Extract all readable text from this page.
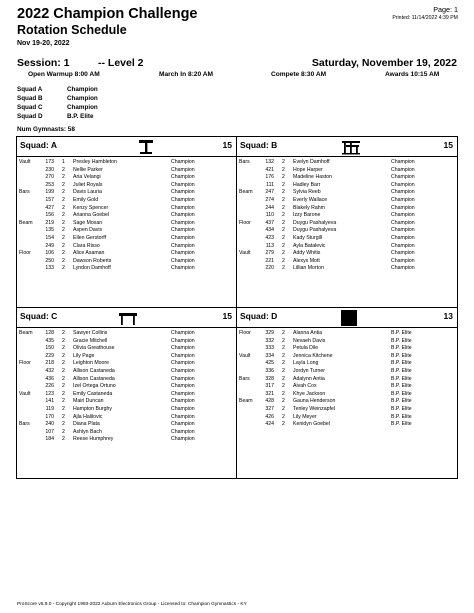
2022 Champion Challenge
Rotation Schedule
Nov 19-20, 2022
Page: 1
Printed: 11/14/2022 4:39 PM
Session: 1	-- Level 2	Saturday, November 19, 2022
Open Warmup 8:00 AM	March In 8:20 AM	Compete 8:30 AM	Awards 10:15 AM
Squad A	Champion
Squad B	Champion
Squad C	Champion
Squad D	B.P. Elite
Num Gymnasts: 58
Squad: A	15
Vault	173 1 Presley Hambleton	Champion
230 2 Nellie Parker	Champion
270 2 Aria Velangi	Champion
253 2 Juliet Royals	Champion
Bars	199 2 Davis Lauria	Champion
157 2 Emily Gold	Champion
427 2 Kenzy Spencer	Champion
156 2 Arianna Goebel	Champion
Beam	219 2 Sage Moxan	Champion
135 2 Aspen Davis	Champion
154 2 Ellen Gerstorff	Champion
249 2 Clara Risso	Champion
Floor	106 2 Alice Asaman	Champion
250 2 Dawson Roberts	Champion
133 2 Lyndon Damhoff	Champion
Squad: B	15
Bars	132 2 Evelyn Damhoff	Champion
421 2 Hope Harper	Champion
176 2 Madeline Haston	Champion
111 2 Hadley Barr	Champion
Beam	247 2 Sylvia Reeb	Champion
274 2 Everly Wallace	Champion
244 2 Blakely Rahm	Champion
110 2 Izzy Barone	Champion
Floor	437 2 Duygu Pashalyeva	Champion
434 2 Duygu Pashalyeva	Champion
423 2 Kady Sturgill	Champion
113 2 Ayla Batalevic	Champion
Vault	279 2 Addy Whitis	Champion
221 2 Alexys Mott	Champion
220 2 Lillian Morton	Champion
Squad: C	15
Beam	128 2 Sawyer Collins	Champion
435 2 Gracie Mitchell	Champion
150 2 Olivia Greathouse	Champion
229 2 Lily Page	Champion
Floor	218 2 Leighton Moore	Champion
432 2 Allison Castaneda	Champion
436 2 Allison Castaneda	Champion
226 2 Izel Ortega Ortuno	Champion
Vault	123 2 Emily Castaneda	Champion
141 2 Mairi Duncan	Champion
119 2 Hampton Burghy	Champion
170 2 Ajla Halilovic	Champion
Bars	240 2 Diana Plata	Champion
107 2 Ashlyn Bach	Champion
184 2 Reese Humphrey	Champion
Squad: D	13
Floor	329 2 Alanna Antia	B.P. Elite
332 2 Nevaeh Davis	B.P. Elite
333 2 Petula Dile	B.P. Elite
Vault	334 2 Jennica Kitchene	B.P. Elite
425 2 Layla Long	B.P. Elite
336 2 Jordyn Turner	B.P. Elite
Bars	328 2 Adalynn Antia	B.P. Elite
317 2 Aivah Cox	B.P. Elite
321 2 Khye Jackson	B.P. Elite
Beam	428 2 Gauna Henderson	B.P. Elite
327 2 Tenley Weinzapfel	B.P. Elite
426 2 Lily Meyer	B.P. Elite
424 2 Kenidyn Goebel	B.P. Elite
ProScore v5.9.0 - Copyright 1993-2022 Auburn Electronics Group - Licensed to: Champion Gymnastics - KY
